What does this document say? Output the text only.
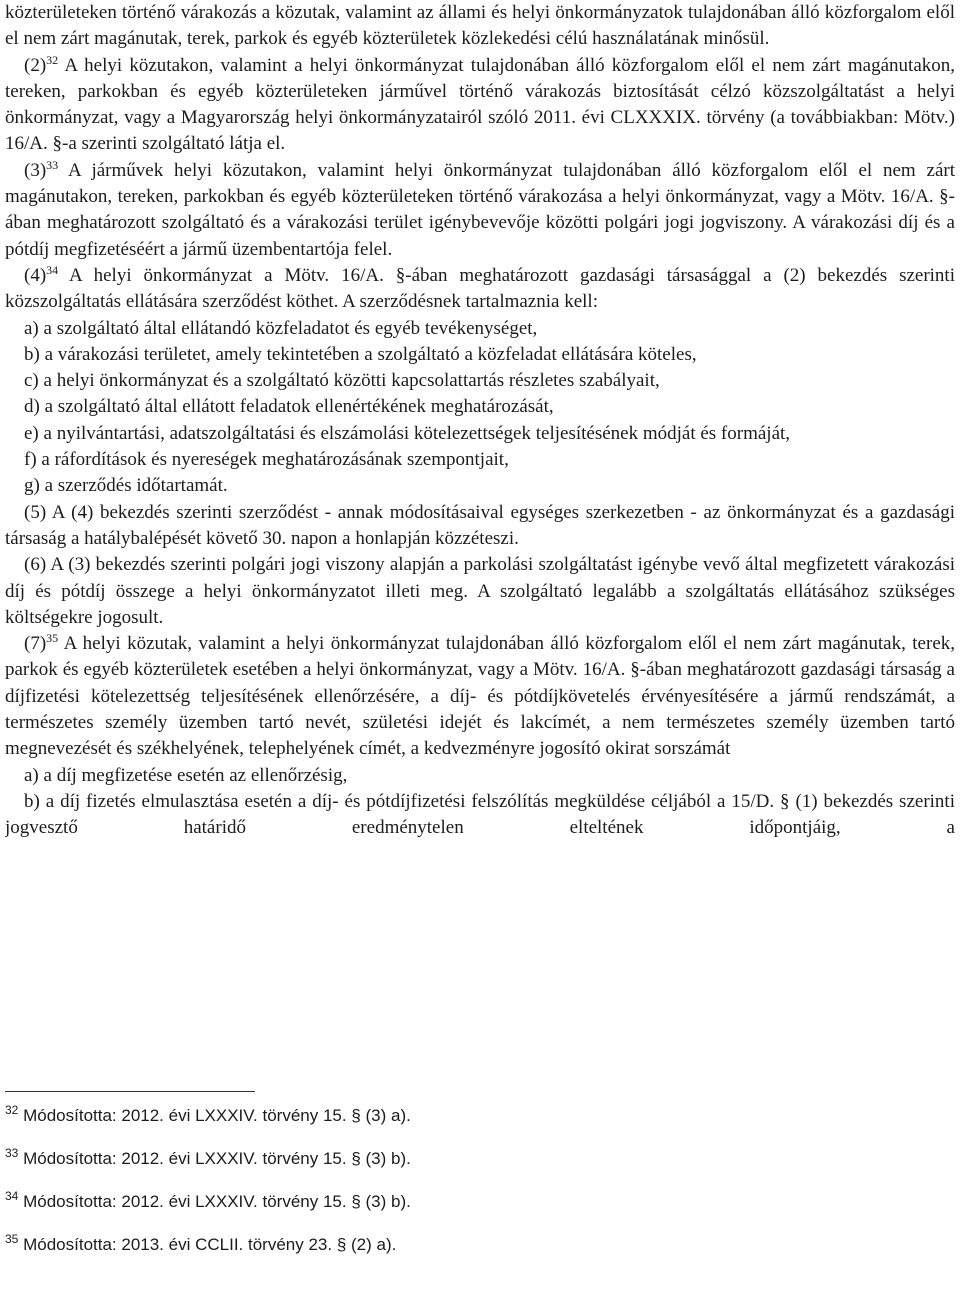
közterületeken történő várakozás a közutak, valamint az állami és helyi önkormányzatok tulajdonában álló közforgalom elől el nem zárt magánutak, terek, parkok és egyéb közterületek közlekedési célú használatának minősül.

(2)$^{32}$ A helyi közutakon, valamint a helyi önkormányzat tulajdonában álló közforgalom elől el nem zárt magánutakon, tereken, parkokban és egyéb közterületeken járművel történő várakozás biztosítását célzó közszolgáltatást a helyi önkormányzat, vagy a Magyarország helyi önkormányzatairól szóló 2011. évi CLXXXIX. törvény (a továbbiakban: Mötv.) 16/A. §-a szerinti szolgáltató látja el.

(3)$^{33}$ A járművek helyi közutakon, valamint helyi önkormányzat tulajdonában álló közforgalom elől el nem zárt magánutakon, tereken, parkokban és egyéb közterületeken történő várakozása a helyi önkormányzat, vagy a Mötv. 16/A. §-ában meghatározott szolgáltató és a várakozási terület igénybevevője közötti polgári jogi jogviszony. A várakozási díj és a pótdíj megfizetéséért a jármű üzembentartója felel.

(4)$^{34}$ A helyi önkormányzat a Mötv. 16/A. §-ában meghatározott gazdasági társasággal a (2) bekezdés szerinti közszolgáltatás ellátására szerződést köthet. A szerződésnek tartalmaznia kell:

a) a szolgáltató által ellátandó közfeladatot és egyéb tevékenységet,

b) a várakozási területet, amely tekintetében a szolgáltató a közfeladat ellátására köteles,

c) a helyi önkormányzat és a szolgáltató közötti kapcsolattartás részletes szabályait,

d) a szolgáltató által ellátott feladatok ellenértékének meghatározását,

e) a nyilvántartási, adatszolgáltatási és elszámolási kötelezettségek teljesítésének módját és formáját,

f) a ráfordítások és nyereségek meghatározásának szempontjait,

g) a szerződés időtartamát.

(5) A (4) bekezdés szerinti szerződést - annak módosításaival egységes szerkezetben - az önkormányzat és a gazdasági társaság a hatálybalépését követő 30. napon a honlapján közzéteszi.

(6) A (3) bekezdés szerinti polgári jogi viszony alapján a parkolási szolgáltatást igénybe vevő által megfizetett várakozási díj és pótdíj összege a helyi önkormányzatot illeti meg. A szolgáltató legalább a szolgáltatás ellátásához szükséges költségekre jogosult.

(7)$^{35}$ A helyi közutak, valamint a helyi önkormányzat tulajdonában álló közforgalom elől el nem zárt magánutak, terek, parkok és egyéb közterületek esetében a helyi önkormányzat, vagy a Mötv. 16/A. §-ában meghatározott gazdasági társaság a díjfizetési kötelezettség teljesítésének ellenőrzésére, a díj- és pótdíjkövetelés érvényesítésére a jármű rendszámát, a természetes személy üzemben tartó nevét, születési idejét és lakcímét, a nem természetes személy üzemben tartó megnevezését és székhelyének, telephelyének címét, a kedvezményre jogosító okirat sorszámát

a) a díj megfizetése esetén az ellenőrzésig,

b) a díj fizetés elmulasztása esetén a díj- és pótdíjfizetési felszólítás megküldése céljából a 15/D. § (1) bekezdés szerinti jogvesztő határidő eredménytelen elteltének időpontjáig, a

$^{32}$ Módosította: 2012. évi LXXXIV. törvény 15. § (3) a).

$^{33}$ Módosította: 2012. évi LXXXIV. törvény 15. § (3) b).

$^{34}$ Módosította: 2012. évi LXXXIV. törvény 15. § (3) b).

$^{35}$ Módosította: 2013. évi CCLII. törvény 23. § (2) a).
